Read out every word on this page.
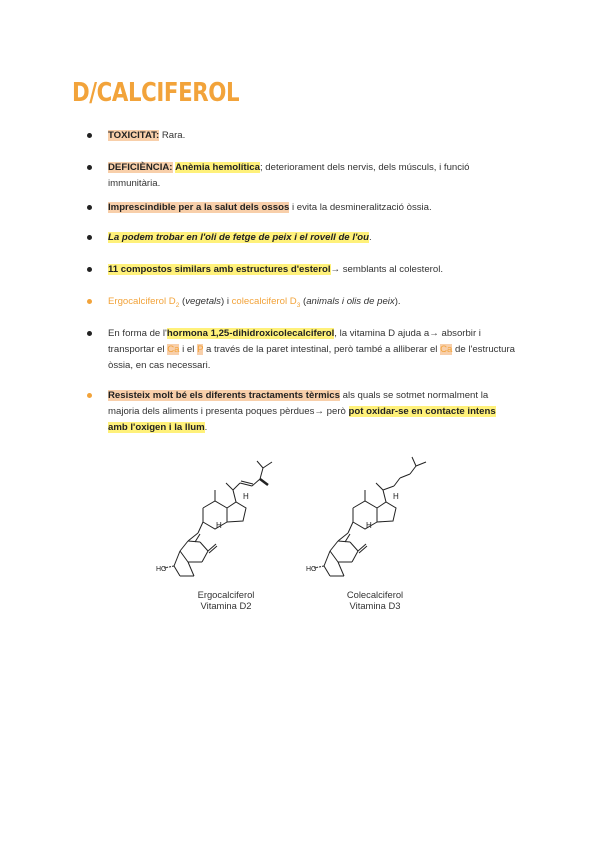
D/CALCIFEROL
TOXICITAT: Rara.
DEFICIÈNCIA: Anèmia hemolítica; deteriorament dels nervis, dels músculs, i funció immunitària.
Imprescindible per a la salut dels ossos i evita la desmineralització òssia.
La podem trobar en l'oli de fetge de peix i el rovell de l'ou.
11 compostos similars amb estructures d'esterol→ semblants al colesterol.
Ergocalciferol $D_2$ (vegetals) i colecalciferol $D_3$ (animals i olis de peix).
En forma de l'hormona 1,25-dihidroxicolecalciferol, la vitamina D ajuda a→ absorbir i transportar el Ca i el P a través de la paret intestinal, però també a alliberar el Ca de l'estructura òssia, en cas necessari.
Resisteix molt bé els diferents tractaments tèrmics als quals se sotmet normalment la majoria dels aliments i presenta poques pèrdues→ però pot oxidar-se en contacte intens amb l'oxigen i la llum.
H
HO
H
HO
H
H
Ergocalciferol
Vitamina D2
Colecalciferol
Vitamina D3
